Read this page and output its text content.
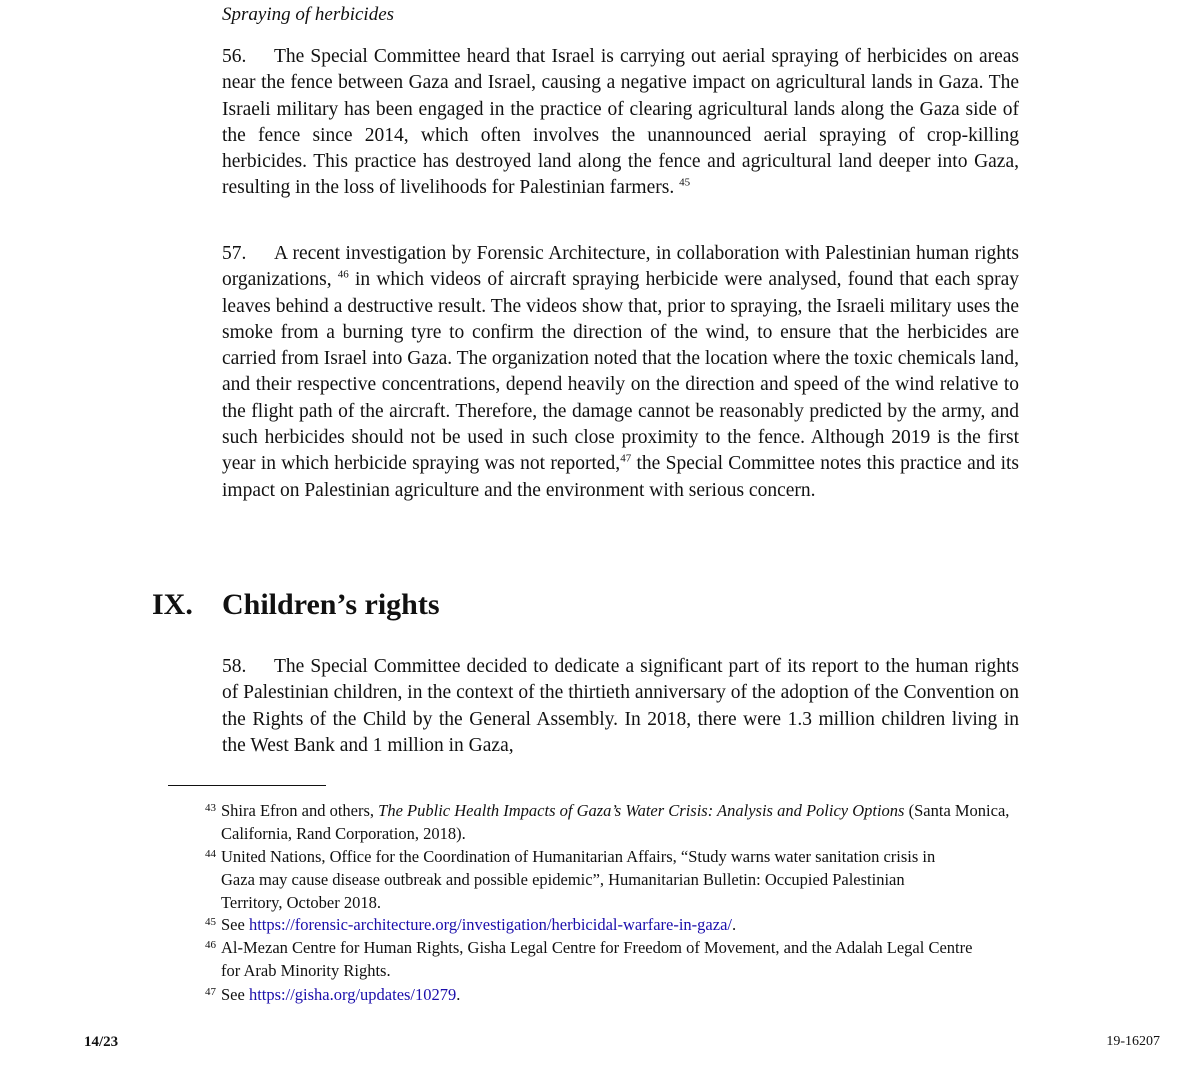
Spraying of herbicides

56. The Special Committee heard that Israel is carrying out aerial spraying of herbicides on areas near the fence between Gaza and Israel, causing a negative impact on agricultural lands in Gaza. The Israeli military has been engaged in the practice of clearing agricultural lands along the Gaza side of the fence since 2014, which often involves the unannounced aerial spraying of crop-killing herbicides. This practice has destroyed land along the fence and agricultural land deeper into Gaza, resulting in the loss of livelihoods for Palestinian farmers. $^{45}$

57. A recent investigation by Forensic Architecture, in collaboration with Palestinian human rights organizations, $^{46}$ in which videos of aircraft spraying herbicide were analysed, found that each spray leaves behind a destructive result. The videos show that, prior to spraying, the Israeli military uses the smoke from a burning tyre to confirm the direction of the wind, to ensure that the herbicides are carried from Israel into Gaza. The organization noted that the location where the toxic chemicals land, and their respective concentrations, depend heavily on the direction and speed of the wind relative to the flight path of the aircraft. Therefore, the damage cannot be reasonably predicted by the army, and such herbicides should not be used in such close proximity to the fence. Although 2019 is the first year in which herbicide spraying was not reported,$^{47}$ the Special Committee notes this practice and its impact on Palestinian agriculture and the environment with serious concern.

IX. Children’s rights

58. The Special Committee decided to dedicate a significant part of its report to the human rights of Palestinian children, in the context of the thirtieth anniversary of the adoption of the Convention on the Rights of the Child by the General Assembly. In 2018, there were 1.3 million children living in the West Bank and 1 million in Gaza,

43 Shira Efron and others, The Public Health Impacts of Gaza’s Water Crisis: Analysis and Policy Options (Santa Monica, California, Rand Corporation, 2018).
44 United Nations, Office for the Coordination of Humanitarian Affairs, “Study warns water sanitation crisis in Gaza may cause disease outbreak and possible epidemic”, Humanitarian Bulletin: Occupied Palestinian Territory, October 2018.
45 See https://forensic-architecture.org/investigation/herbicidal-warfare-in-gaza/.
46 Al-Mezan Centre for Human Rights, Gisha Legal Centre for Freedom of Movement, and the Adalah Legal Centre for Arab Minority Rights.
47 See https://gisha.org/updates/10279.
14/23	19-16207
